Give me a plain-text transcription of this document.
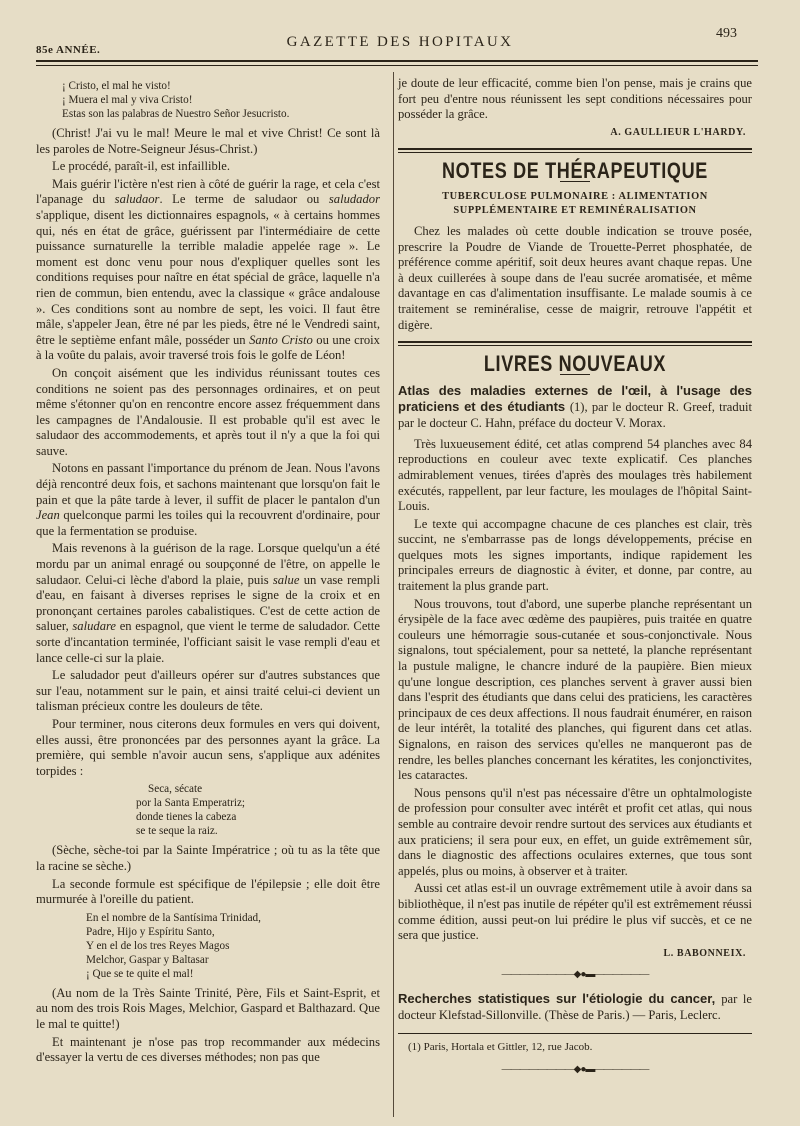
85e ANNÉE.	GAZETTE DES HOPITAUX
493
¡ Cristo, el mal he visto!
¡ Muera el mal y viva Cristo!
Estas son las palabras de Nuestro Señor Jesucristo.

(Christ! J'ai vu le mal! Meure le mal et vive Christ! Ce sont là les paroles de Notre-Seigneur Jésus-Christ.)

Le procédé, paraît-il, est infaillible.

Mais guérir l'ictère n'est rien à côté de guérir la rage, et cela c'est l'apanage du saludaor. Le terme de saludaor ou saludador s'applique, disent les dictionnaires espagnols, « à certains hommes qui, nés en état de grâce, guérissent par l'intermédiaire de cette puissance surnaturelle la terrible maladie appelée rage ». Le moment est donc venu pour nous d'expliquer quelles sont les conditions requises pour naître en état spécial de grâce, laquelle n'a rien de commun, bien entendu, avec la classique « grâce andalouse ». Ces conditions sont au nombre de sept, les voici. Il faut être mâle, s'appeler Jean, être né par les pieds, être né le Vendredi saint, être le septième enfant mâle, posséder un Santo Cristo ou une croix à la voûte du palais, avoir traversé trois fois le golfe de Léon!

On conçoit aisément que les individus réunissant toutes ces conditions ne soient pas des personnages ordinaires, et on peut même s'étonner qu'on en rencontre encore assez fréquemment dans les campagnes de l'Andalousie. Il est probable qu'il est avec le saludaor des accommodements, et après tout il n'y a que la foi qui sauve.

Notons en passant l'importance du prénom de Jean. Nous l'avons déjà rencontré deux fois, et sachons maintenant que lorsqu'on fait le pain et que la pâte tarde à lever, il suffit de placer le pantalon d'un Jean quelconque parmi les toiles qui la recouvrent d'ordinaire, pour que la fermentation se produise.

Mais revenons à la guérison de la rage. Lorsque quelqu'un a été mordu par un animal enragé ou soupçonné de l'être, on appelle le saludaor. Celui-ci lèche d'abord la plaie, puis salue un vase rempli d'eau, en faisant à diverses reprises le signe de la croix et en prononçant certaines paroles cabalistiques. C'est de cette action de saluer, saludare en espagnol, que vient le terme de saludador. Cette sorte d'incantation terminée, l'officiant saisit le vase rempli d'eau et lance celle-ci sur la plaie.

Le saludador peut d'ailleurs opérer sur d'autres substances que sur l'eau, notamment sur le pain, et ainsi traité celui-ci devient un talisman précieux contre les douleurs de tête.

Pour terminer, nous citerons deux formules en vers qui doivent, elles aussi, être prononcées par des personnes ayant la grâce. La première, qui semble n'avoir aucun sens, s'applique aux adénites torpides :

Seca, sécate
por la Santa Emperatriz;
donde tienes la cabeza
se te seque la raiz.

(Sèche, sèche-toi par la Sainte Impératrice ; où tu as la tête que la racine se sèche.)

La seconde formule est spécifique de l'épilepsie ; elle doit être murmurée à l'oreille du patient.

En el nombre de la Santísima Trinidad,
Padre, Hijo y Espíritu Santo,
Y en el de los tres Reyes Magos
Melchor, Gaspar y Baltasar
¡ Que se te quite el mal!

(Au nom de la Très Sainte Trinité, Père, Fils et Saint-Esprit, et au nom des trois Rois Mages, Melchior, Gaspard et Balthazard. Que le mal te quitte!)

Et maintenant je n'ose pas trop recommander aux médecins d'essayer la vertu de ces diverses méthodes; non pas que

je doute de leur efficacité, comme bien l'on pense, mais je crains que fort peu d'entre nous réunissent les sept conditions nécessaires pour posséder la grâce.

A. GAULLIEUR L'HARDY.
NOTES DE THÉRAPEUTIQUE
TUBERCULOSE PULMONAIRE : ALIMENTATION SUPPLÉMENTAIRE ET REMINÉRALISATION

Chez les malades où cette double indication se trouve posée, prescrire la Poudre de Viande de Trouette-Perret phosphatée, de préférence comme apéritif, soit deux heures avant chaque repas. Une à deux cuillerées à soupe dans de l'eau sucrée aromatisée, et même davantage en cas d'alimentation insuffisante. Le malade soumis à ce traitement se reminéralise, cesse de maigrir, retrouve l'appétit et digère.

LIVRES NOUVEAUX
Atlas des maladies externes de l'œil, à l'usage des praticiens et des étudiants (1), par le docteur R. Greef, traduit par le docteur C. Hahn, préface du docteur V. Morax.

Très luxueusement édité, cet atlas comprend 54 planches avec 84 reproductions en couleur avec texte explicatif. Ces planches admirablement venues, tirées d'après des moulages très habilement exécutés, rappellent, par leur facture, les moulages de l'hôpital Saint-Louis.

Le texte qui accompagne chacune de ces planches est clair, très succint, ne s'embarrasse pas de longs développements, précise en quelques mots les signes importants, indique rapidement les principales erreurs de diagnostic à éviter, et donne, par contre, au traitement la plus grande part.

Nous trouvons, tout d'abord, une superbe planche représentant un érysipèle de la face avec œdème des paupières, puis traitée en quatre couleurs une hémorragie sous-cutanée et sous-conjonctivale. Nous signalons, tout spécialement, pour sa netteté, la planche représentant la pustule maligne, le chancre induré de la paupière. Bien mieux qu'une longue description, ces planches servent à graver aussi bien dans l'esprit des étudiants que dans celui des praticiens, les caractères principaux de ces deux affections. Il nous faudrait énumérer, en raison de leur intérêt, la totalité des planches, qui figurent dans cet atlas. Signalons, en raison des services qu'elles ne manqueront pas de rendre, les belles planches concernant les kératites, les conjonctivites, les cataractes.

Nous pensons qu'il n'est pas nécessaire d'être un ophtalmologiste de profession pour consulter avec intérêt et profit cet atlas, qui nous semble au contraire devoir rendre surtout des services aux étudiants et aux praticiens; il sera pour eux, en effet, un guide extrêmement sûr, dans le diagnostic des affections oculaires externes, que tous sont appelés, plus ou moins, à observer et à traiter.

Aussi cet atlas est-il un ouvrage extrêmement utile à avoir dans sa bibliothèque, il n'est pas inutile de répéter qu'il est extrêmement réussi comme édition, aussi peut-on lui prédire le plus vif succès, et ce ne sera que justice.

L. BABONNEIX.
————————◆●▬——————
Recherches statistiques sur l'étiologie du cancer, par le docteur Klefstad-Sillonville. (Thèse de Paris.) — Paris, Leclerc.
(1) Paris, Hortala et Gittler, 12, rue Jacob.
————————◆●▬——————
